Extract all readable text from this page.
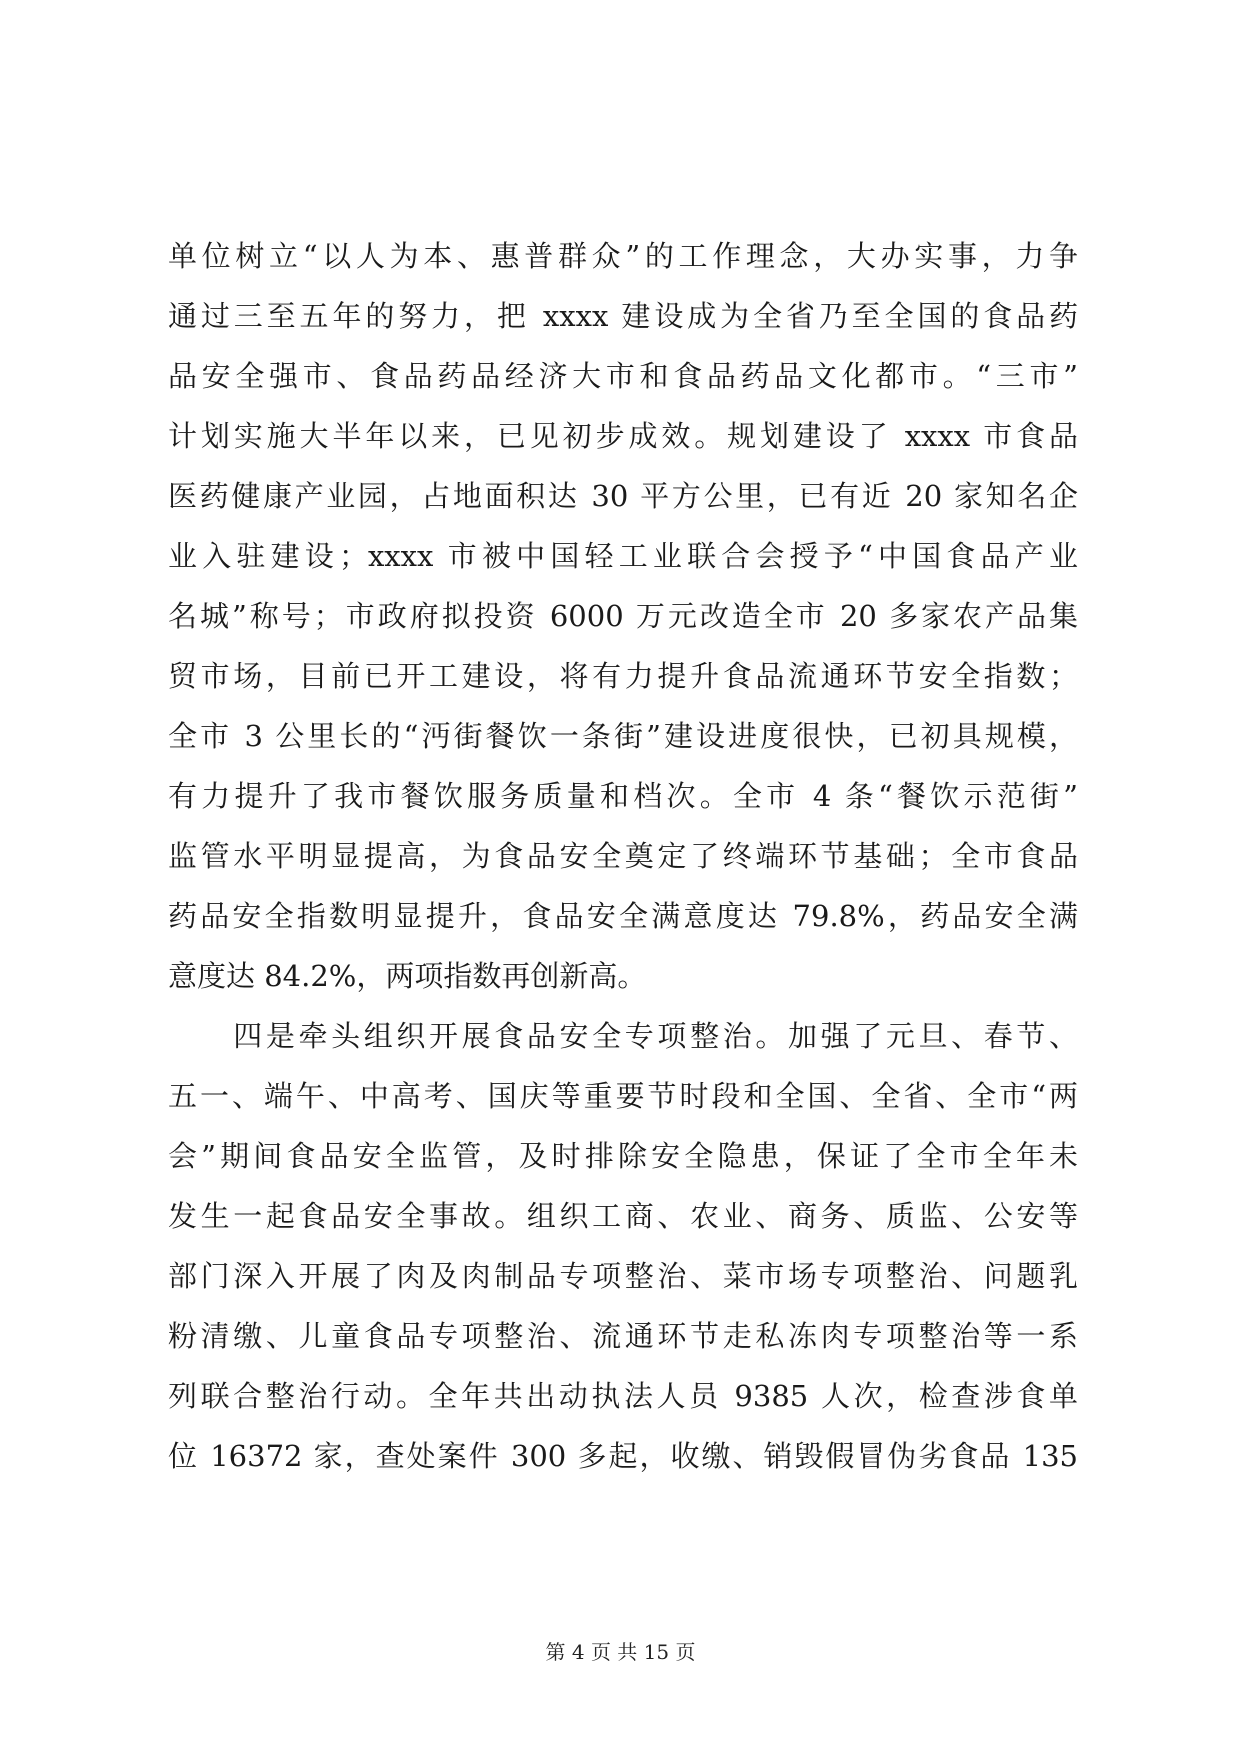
单位树立“以人为本、惠普群众”的工作理念，大办实事，力争
通过三至五年的努力，把 xxxx 建设成为全省乃至全国的食品药
品安全强市、食品药品经济大市和食品药品文化都市。“三市”
计划实施大半年以来，已见初步成效。规划建设了 xxxx 市食品
医药健康产业园，占地面积达 30 平方公里，已有近 20 家知名企
业入驻建设；xxxx 市被中国轻工业联合会授予“中国食品产业
名城”称号；市政府拟投资 6000 万元改造全市 20 多家农产品集
贸市场，目前已开工建设，将有力提升食品流通环节安全指数；
全市 3 公里长的“沔街餐饮一条街”建设进度很快，已初具规模，
有力提升了我市餐饮服务质量和档次。全市 4 条“餐饮示范街”
监管水平明显提高，为食品安全奠定了终端环节基础；全市食品
药品安全指数明显提升，食品安全满意度达 79.8%，药品安全满
意度达 84.2%，两项指数再创新高。
　　四是牵头组织开展食品安全专项整治。加强了元旦、春节、
五一、端午、中高考、国庆等重要节时段和全国、全省、全市“两
会”期间食品安全监管，及时排除安全隐患，保证了全市全年未
发生一起食品安全事故。组织工商、农业、商务、质监、公安等
部门深入开展了肉及肉制品专项整治、菜市场专项整治、问题乳
粉清缴、儿童食品专项整治、流通环节走私冻肉专项整治等一系
列联合整治行动。全年共出动执法人员 9385 人次，检查涉食单
位 16372 家，查处案件 300 多起，收缴、销毁假冒伪劣食品 135
第 4 页 共 15 页
